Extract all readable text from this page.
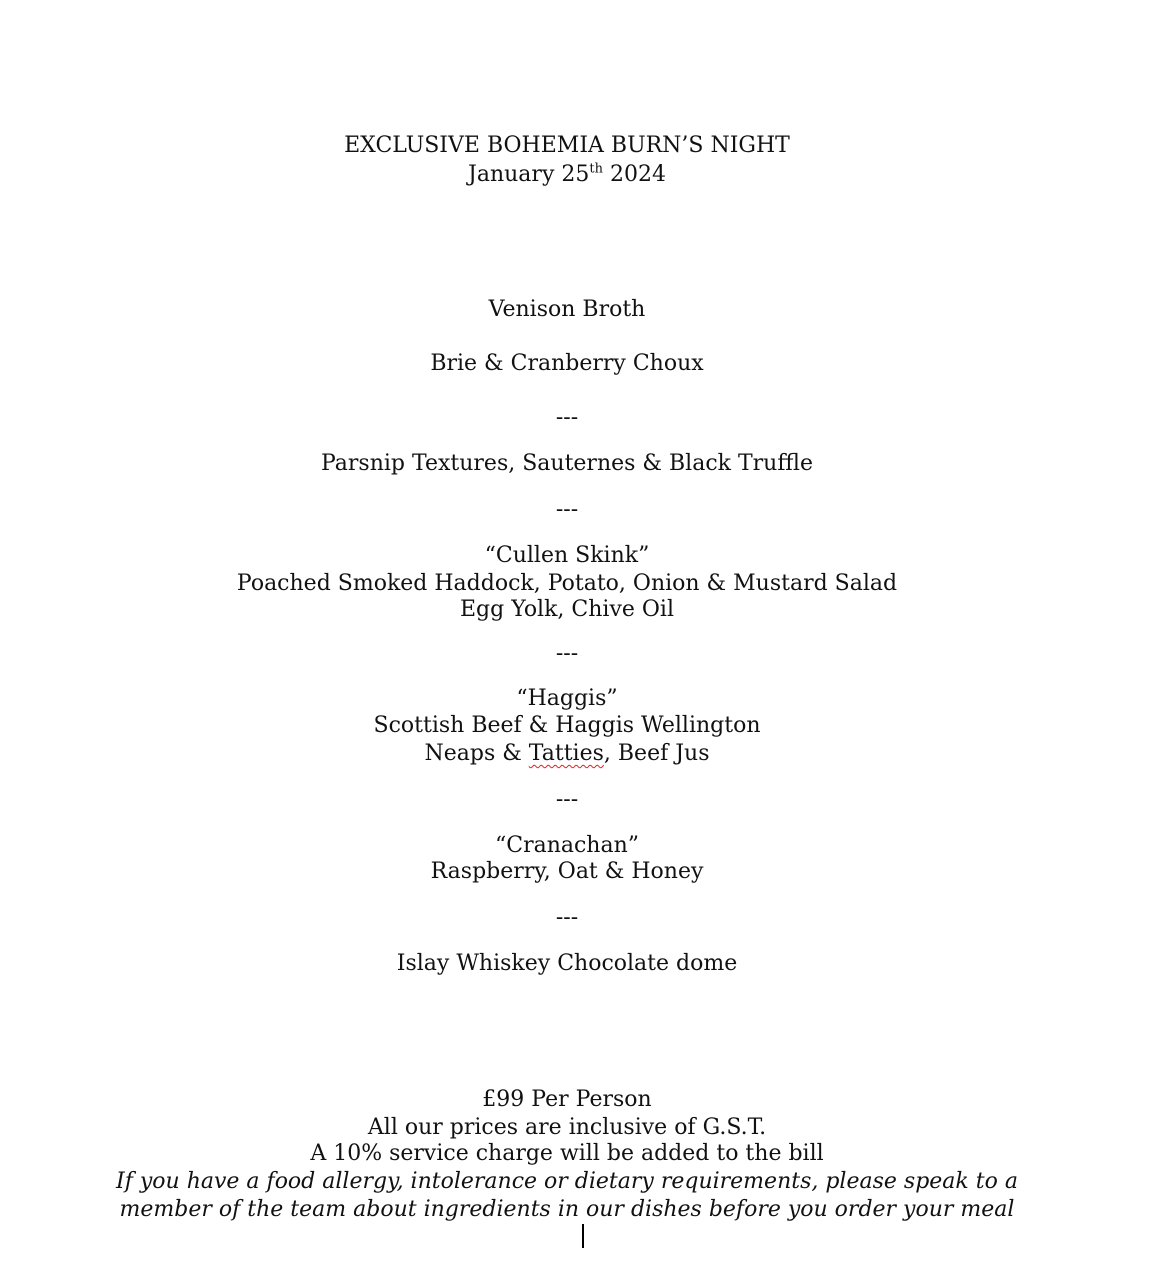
EXCLUSIVE BOHEMIA BURN’S NIGHT
January 25th 2024
Venison Broth
Brie & Cranberry Choux
---
Parsnip Textures, Sauternes & Black Truffle
---
“Cullen Skink”
Poached Smoked Haddock, Potato, Onion & Mustard Salad
Egg Yolk, Chive Oil
---
“Haggis”
Scottish Beef & Haggis Wellington
Neaps & Tatties, Beef Jus
---
“Cranachan”
Raspberry, Oat & Honey
---
Islay Whiskey Chocolate dome
£99 Per Person
All our prices are inclusive of G.S.T.
A 10% service charge will be added to the bill
If you have a food allergy, intolerance or dietary requirements, please speak to a
member of the team about ingredients in our dishes before you order your meal
